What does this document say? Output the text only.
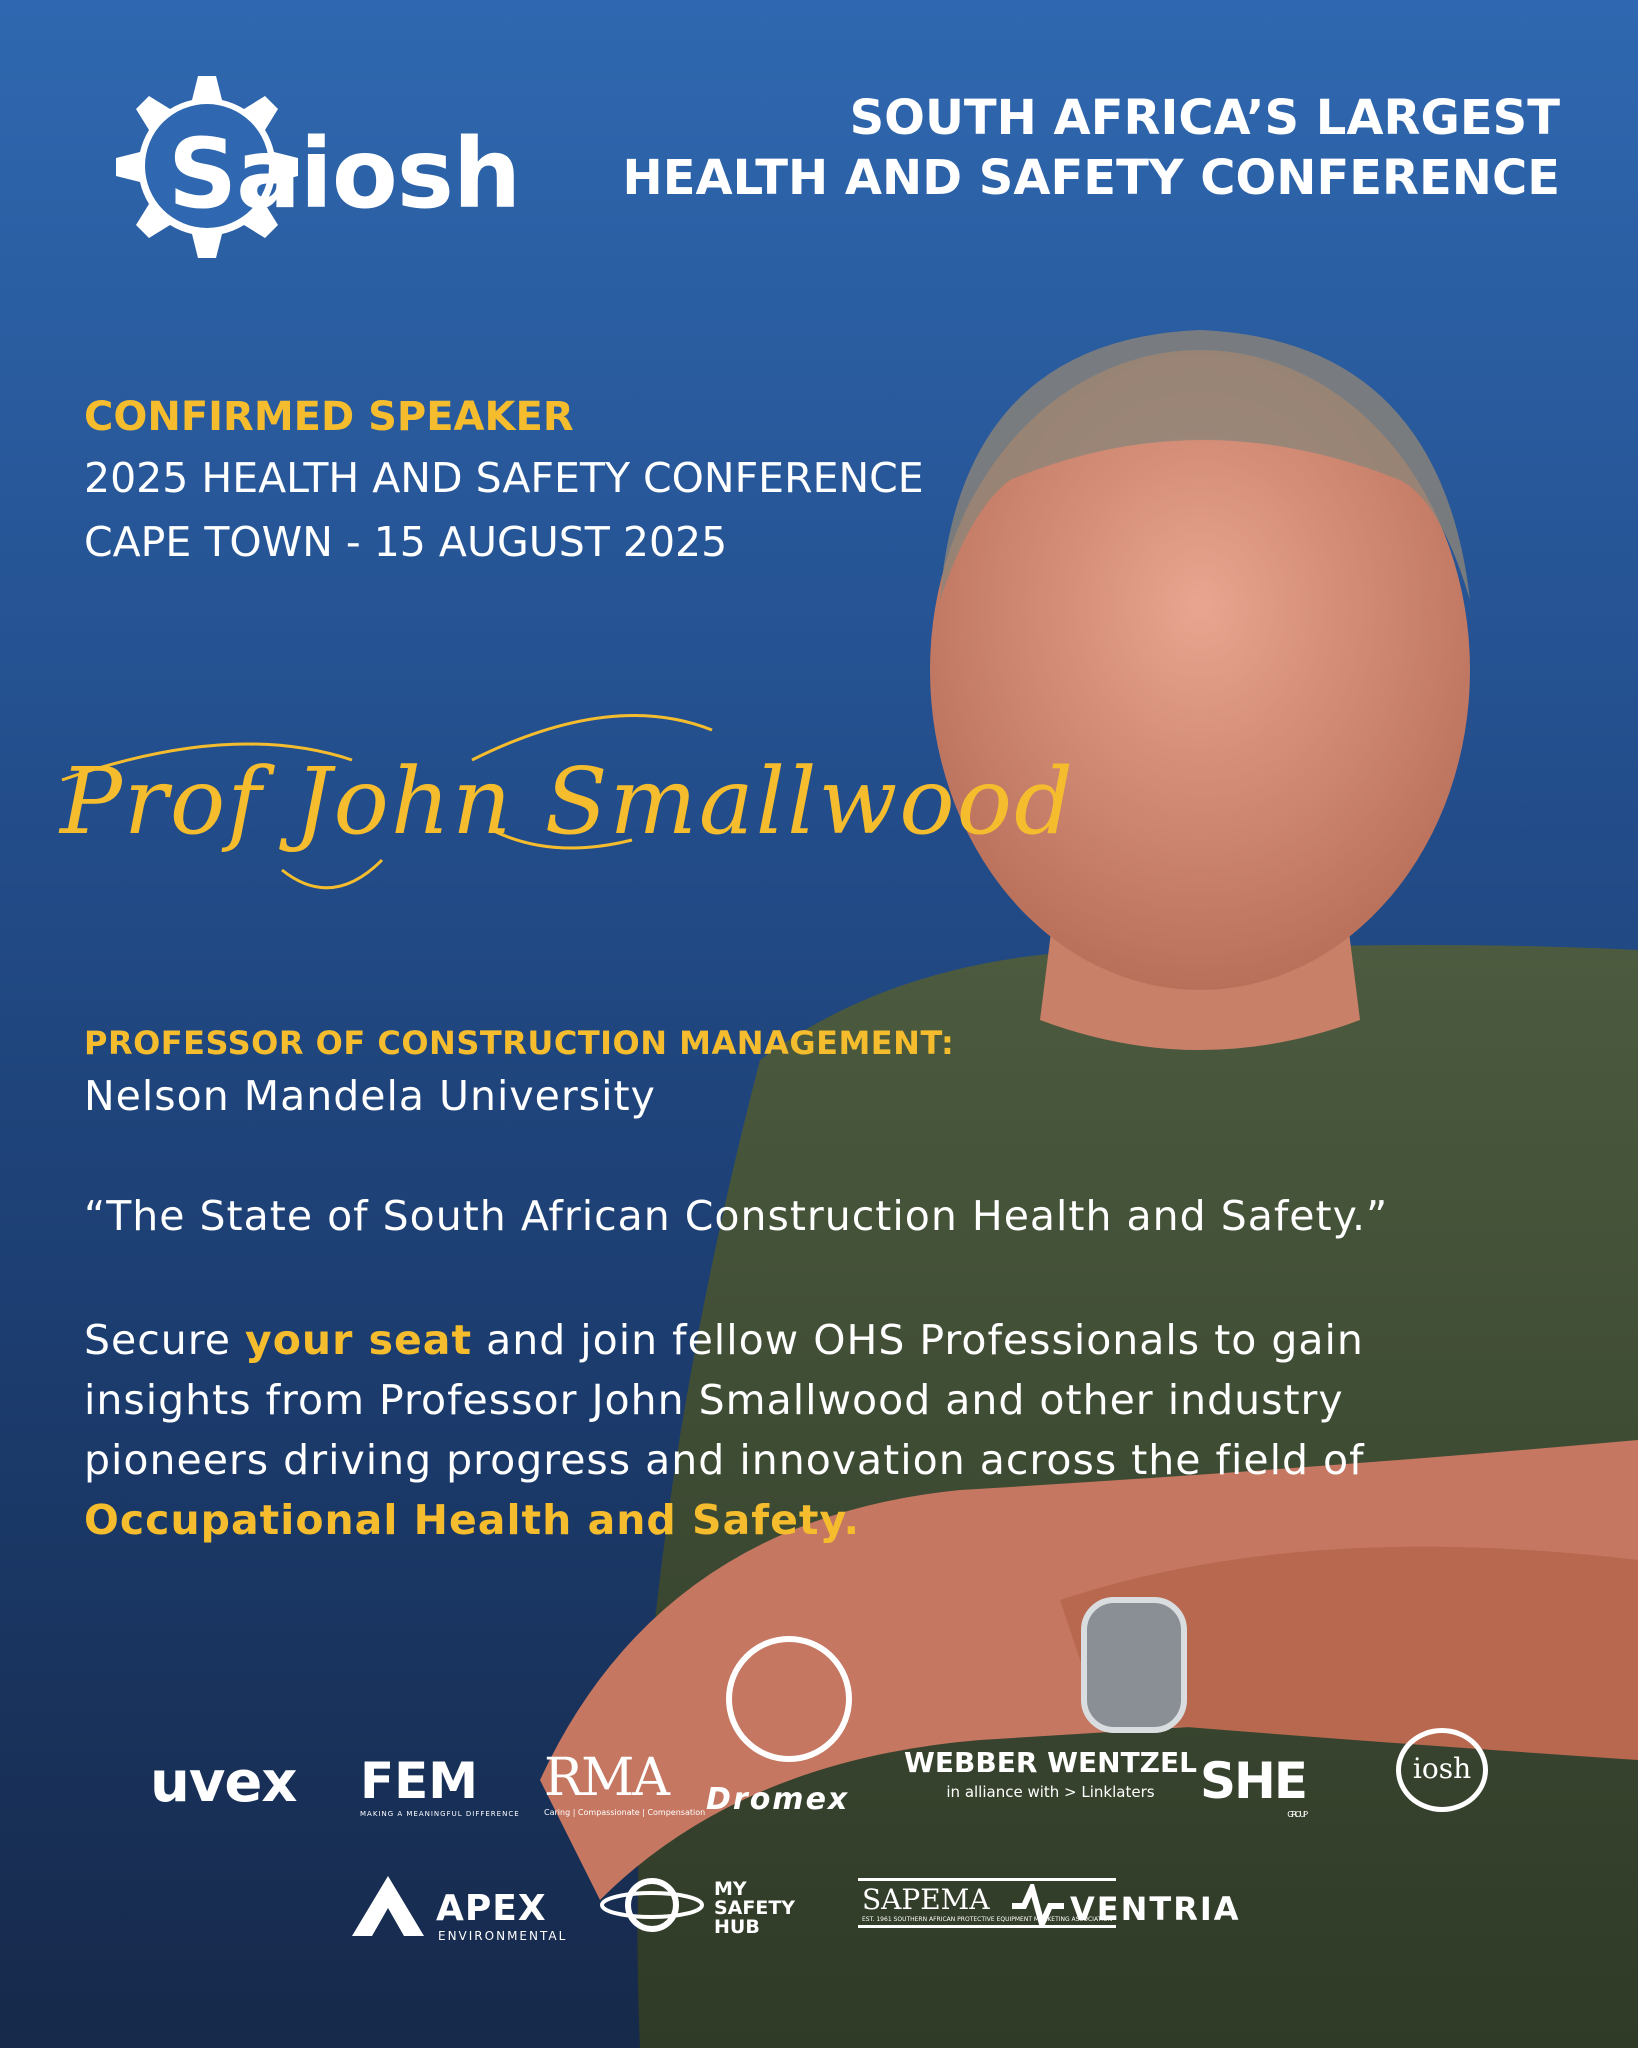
Saiosh	SOUTH AFRICA’S LARGEST
HEALTH AND SAFETY CONFERENCE
CONFIRMED SPEAKER
2025 HEALTH AND SAFETY CONFERENCE
CAPE TOWN - 15 AUGUST 2025
Prof John Smallwood
PROFESSOR OF CONSTRUCTION MANAGEMENT:
Nelson Mandela University
“The State of South African Construction Health and Safety.”
Secure your seat and join fellow OHS Professionals to gain insights from Professor John Smallwood and other industry pioneers driving progress and innovation across the field of Occupational Health and Safety.
uvex FEM
MAKING A MEANINGFUL DIFFERENCE
RMA
Caring | Compassionate | Compensation Dromex
WEBBER WENTZEL
in alliance with > Linklaters SHE
GROUP
iosh
APEX
ENVIRONMENTAL
MY
SAFETY
HUB
SAPEMA
EST. 1961 SOUTHERN AFRICAN PROTECTIVE EQUIPMENT MARKETING ASSOCIATION
VENTRIA
